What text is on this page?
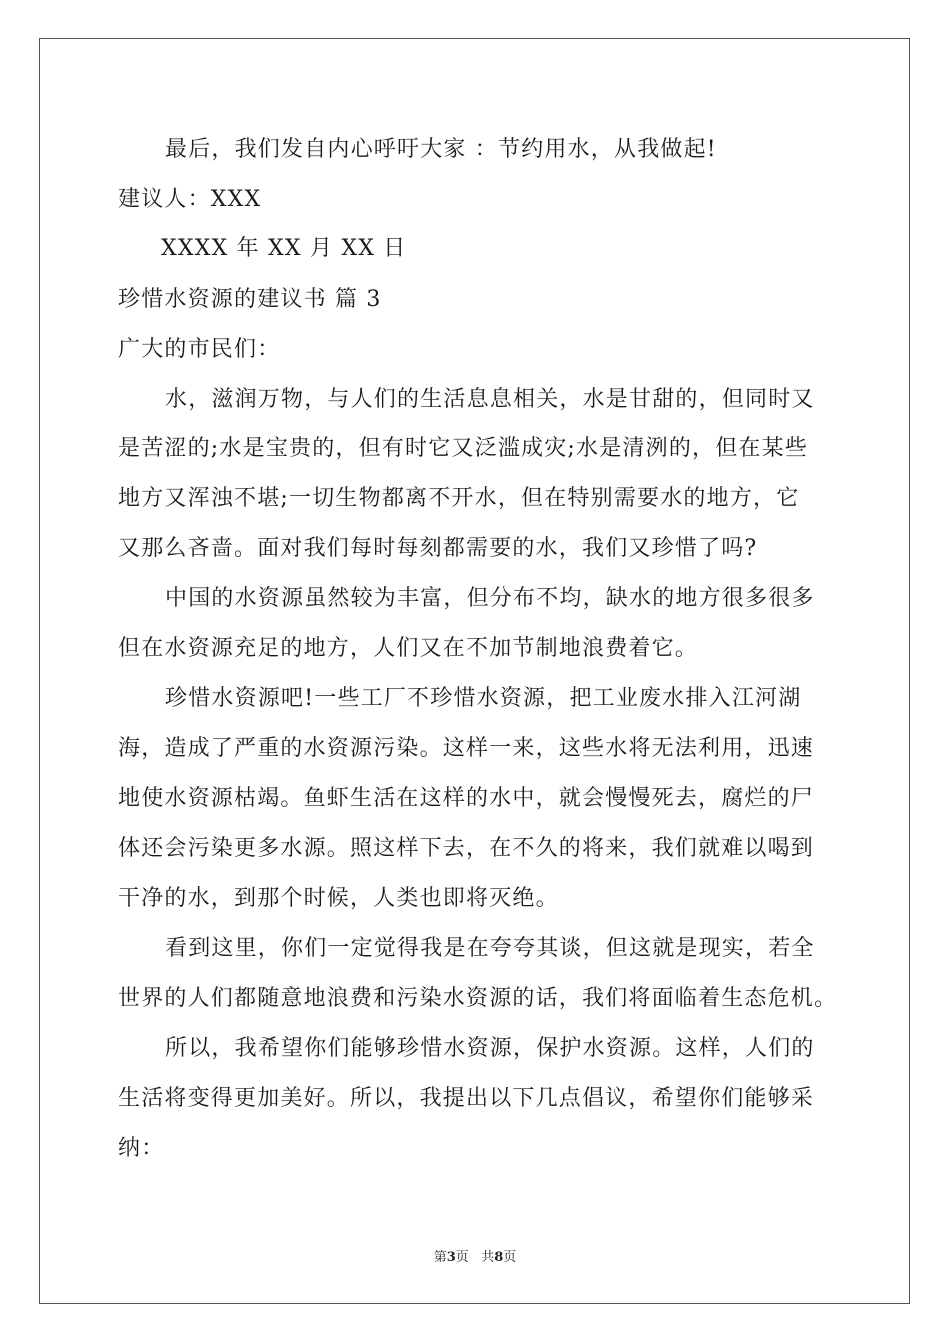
最后，我们发自内心呼吁大家 ：节约用水，从我做起!
建议人：XXX
XXXX 年 XX 月 XX 日
珍惜水资源的建议书 篇 3
广大的市民们：
水，滋润万物，与人们的生活息息相关，水是甘甜的，但同时又
是苦涩的;水是宝贵的，但有时它又泛滥成灾;水是清洌的，但在某些
地方又浑浊不堪;一切生物都离不开水，但在特别需要水的地方，它
又那么吝啬。面对我们每时每刻都需要的水，我们又珍惜了吗?
中国的水资源虽然较为丰富，但分布不均，缺水的地方很多很多
但在水资源充足的地方，人们又在不加节制地浪费着它。
珍惜水资源吧!一些工厂不珍惜水资源，把工业废水排入江河湖
海，造成了严重的水资源污染。这样一来，这些水将无法利用，迅速
地使水资源枯竭。鱼虾生活在这样的水中，就会慢慢死去，腐烂的尸
体还会污染更多水源。照这样下去，在不久的将来，我们就难以喝到
干净的水，到那个时候，人类也即将灭绝。
看到这里，你们一定觉得我是在夸夸其谈，但这就是现实，若全
世界的人们都随意地浪费和污染水资源的话，我们将面临着生态危机。
所以，我希望你们能够珍惜水资源，保护水资源。这样，人们的
生活将变得更加美好。所以，我提出以下几点倡议，希望你们能够采
纳：
第3页 共8页
